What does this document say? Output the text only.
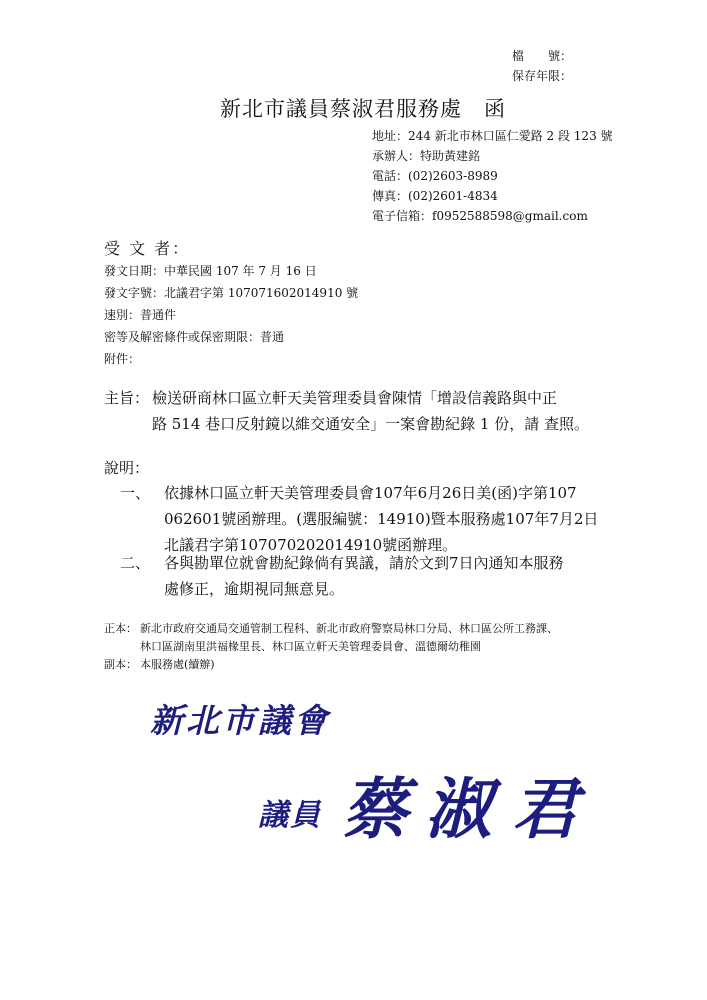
檔　　號：
保存年限：
新北市議員蔡淑君服務處　函
地址：244 新北市林口區仁愛路 2 段 123 號
承辦人：特助黃建銘
電話：(02)2603-8989
傳真：(02)2601-4834
電子信箱：f0952588598@gmail.com
受 文 者：
發文日期：中華民國 107 年 7 月 16 日
發文字號：北議君字第 107071602014910 號
速別：普通件
密等及解密條件或保密期限：普通
附件：
主旨： 檢送研商林口區立軒天美管理委員會陳情「增設信義路與中正
路 514 巷口反射鏡以維交通安全」一案會勘紀錄 1 份，請 查照。
說明：
一、 依據林口區立軒天美管理委員會107年6月26日美(函)字第107
062601號函辦理。(選服編號：14910)暨本服務處107年7月2日
北議君字第107070202014910號函辦理。
二、 各與勘單位就會勘紀錄倘有異議，請於文到7日內通知本服務
處修正，逾期視同無意見。
正本： 新北市政府交通局交通管制工程科、新北市政府警察局林口分局、林口區公所工務課、
林口區湖南里洪福椽里長、林口區立軒天美管理委員會、溫德爾幼稚園
副本： 本服務處(續辦)
新北市議會
議員 蔡 淑 君
